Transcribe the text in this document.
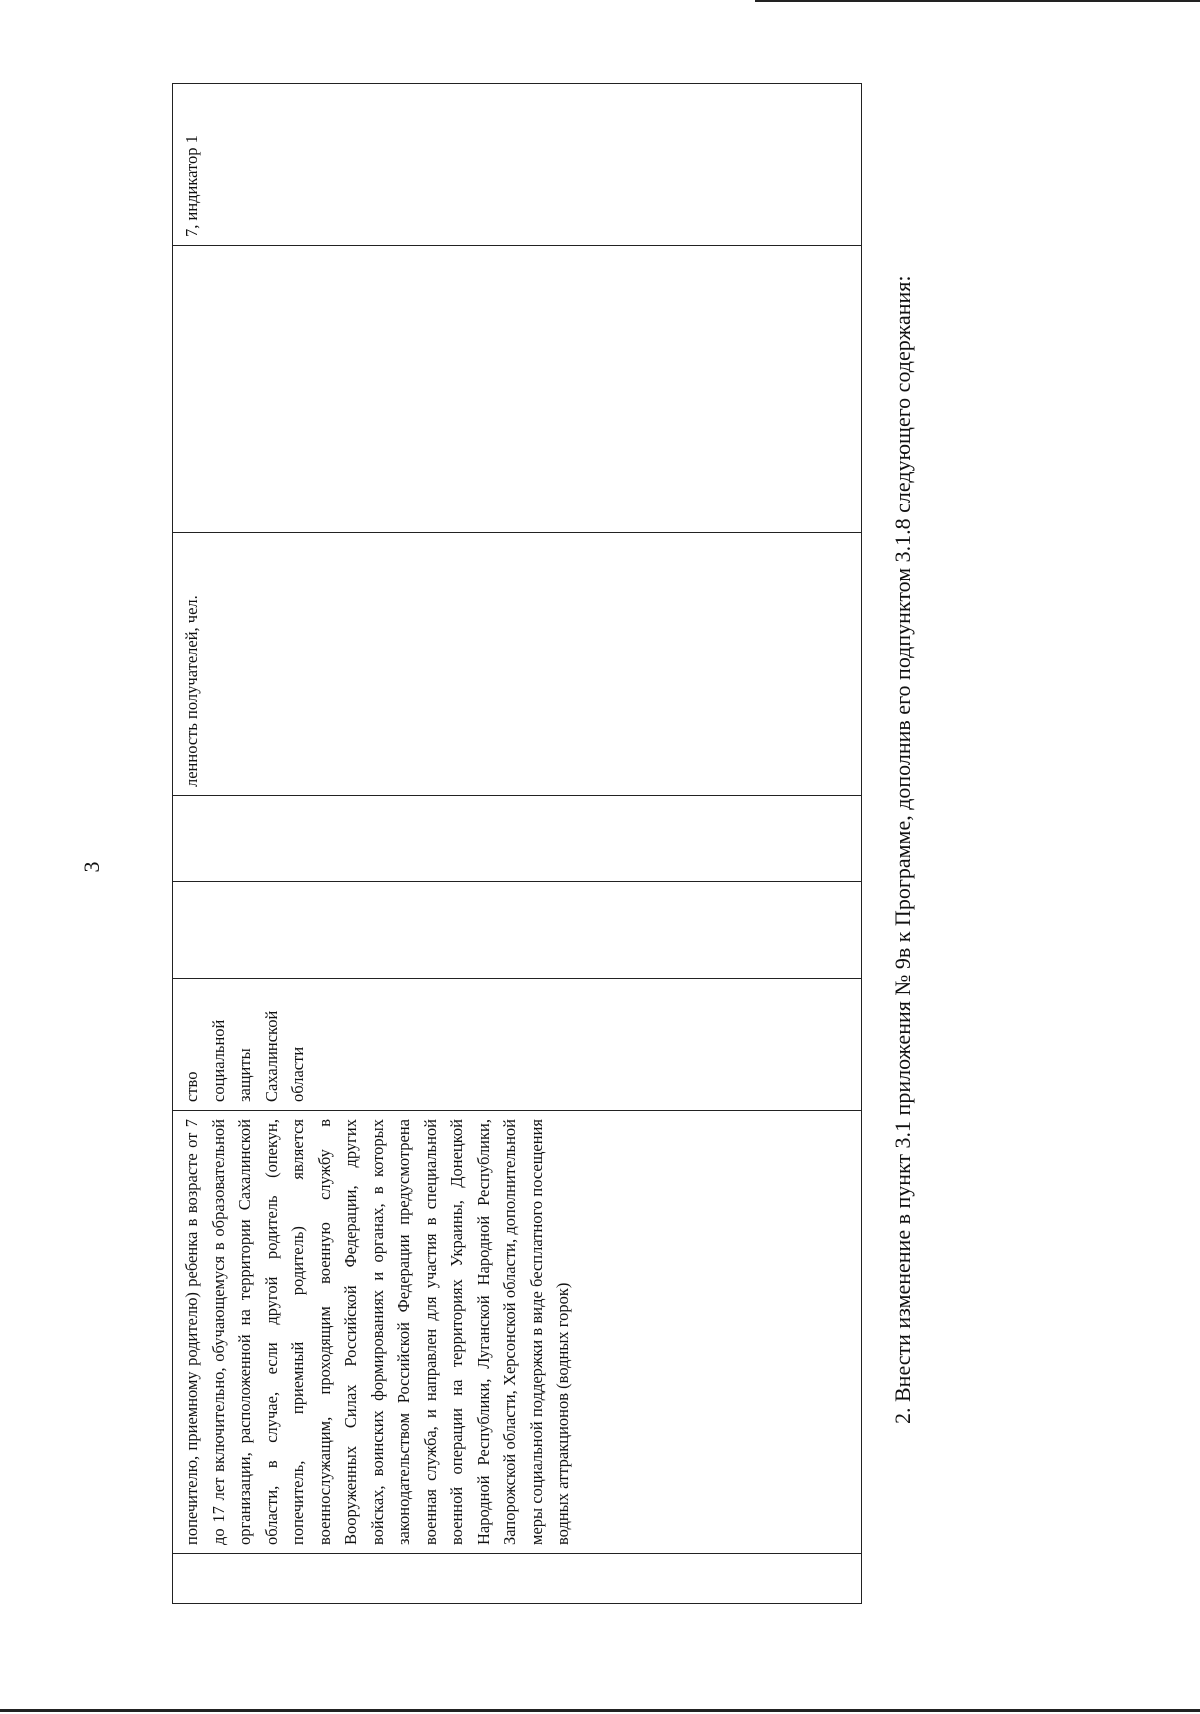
3
	попечителю, приемному родителю) ребенка в возрасте от 7 до 17 лет включительно, обучающемуся в образовательной организации, расположенной на территории Сахалинской области, в случае, если другой родитель (опекун, попечитель, приемный родитель) является военнослужащим, проходящим военную службу в Вооруженных Силах Российской Федерации, других войсках, воинских формированиях и органах, в которых законодательством Российской Федерации предусмотрена военная служба, и направлен для участия в специальной военной операции на территориях Украины, Донецкой Народной Республики, Луганской Народной Республики, Запорожской области, Херсонской области, дополнительной меры социальной поддержки в виде бесплатного посещения водных аттракционов (водных горок)	ство социальной защиты Сахалинской области			ленность получателей, чел.		7, индикатор 1
2. Внести изменение в пункт 3.1 приложения № 9в к Программе, дополнив его подпунктом 3.1.8 следующего содержания:
